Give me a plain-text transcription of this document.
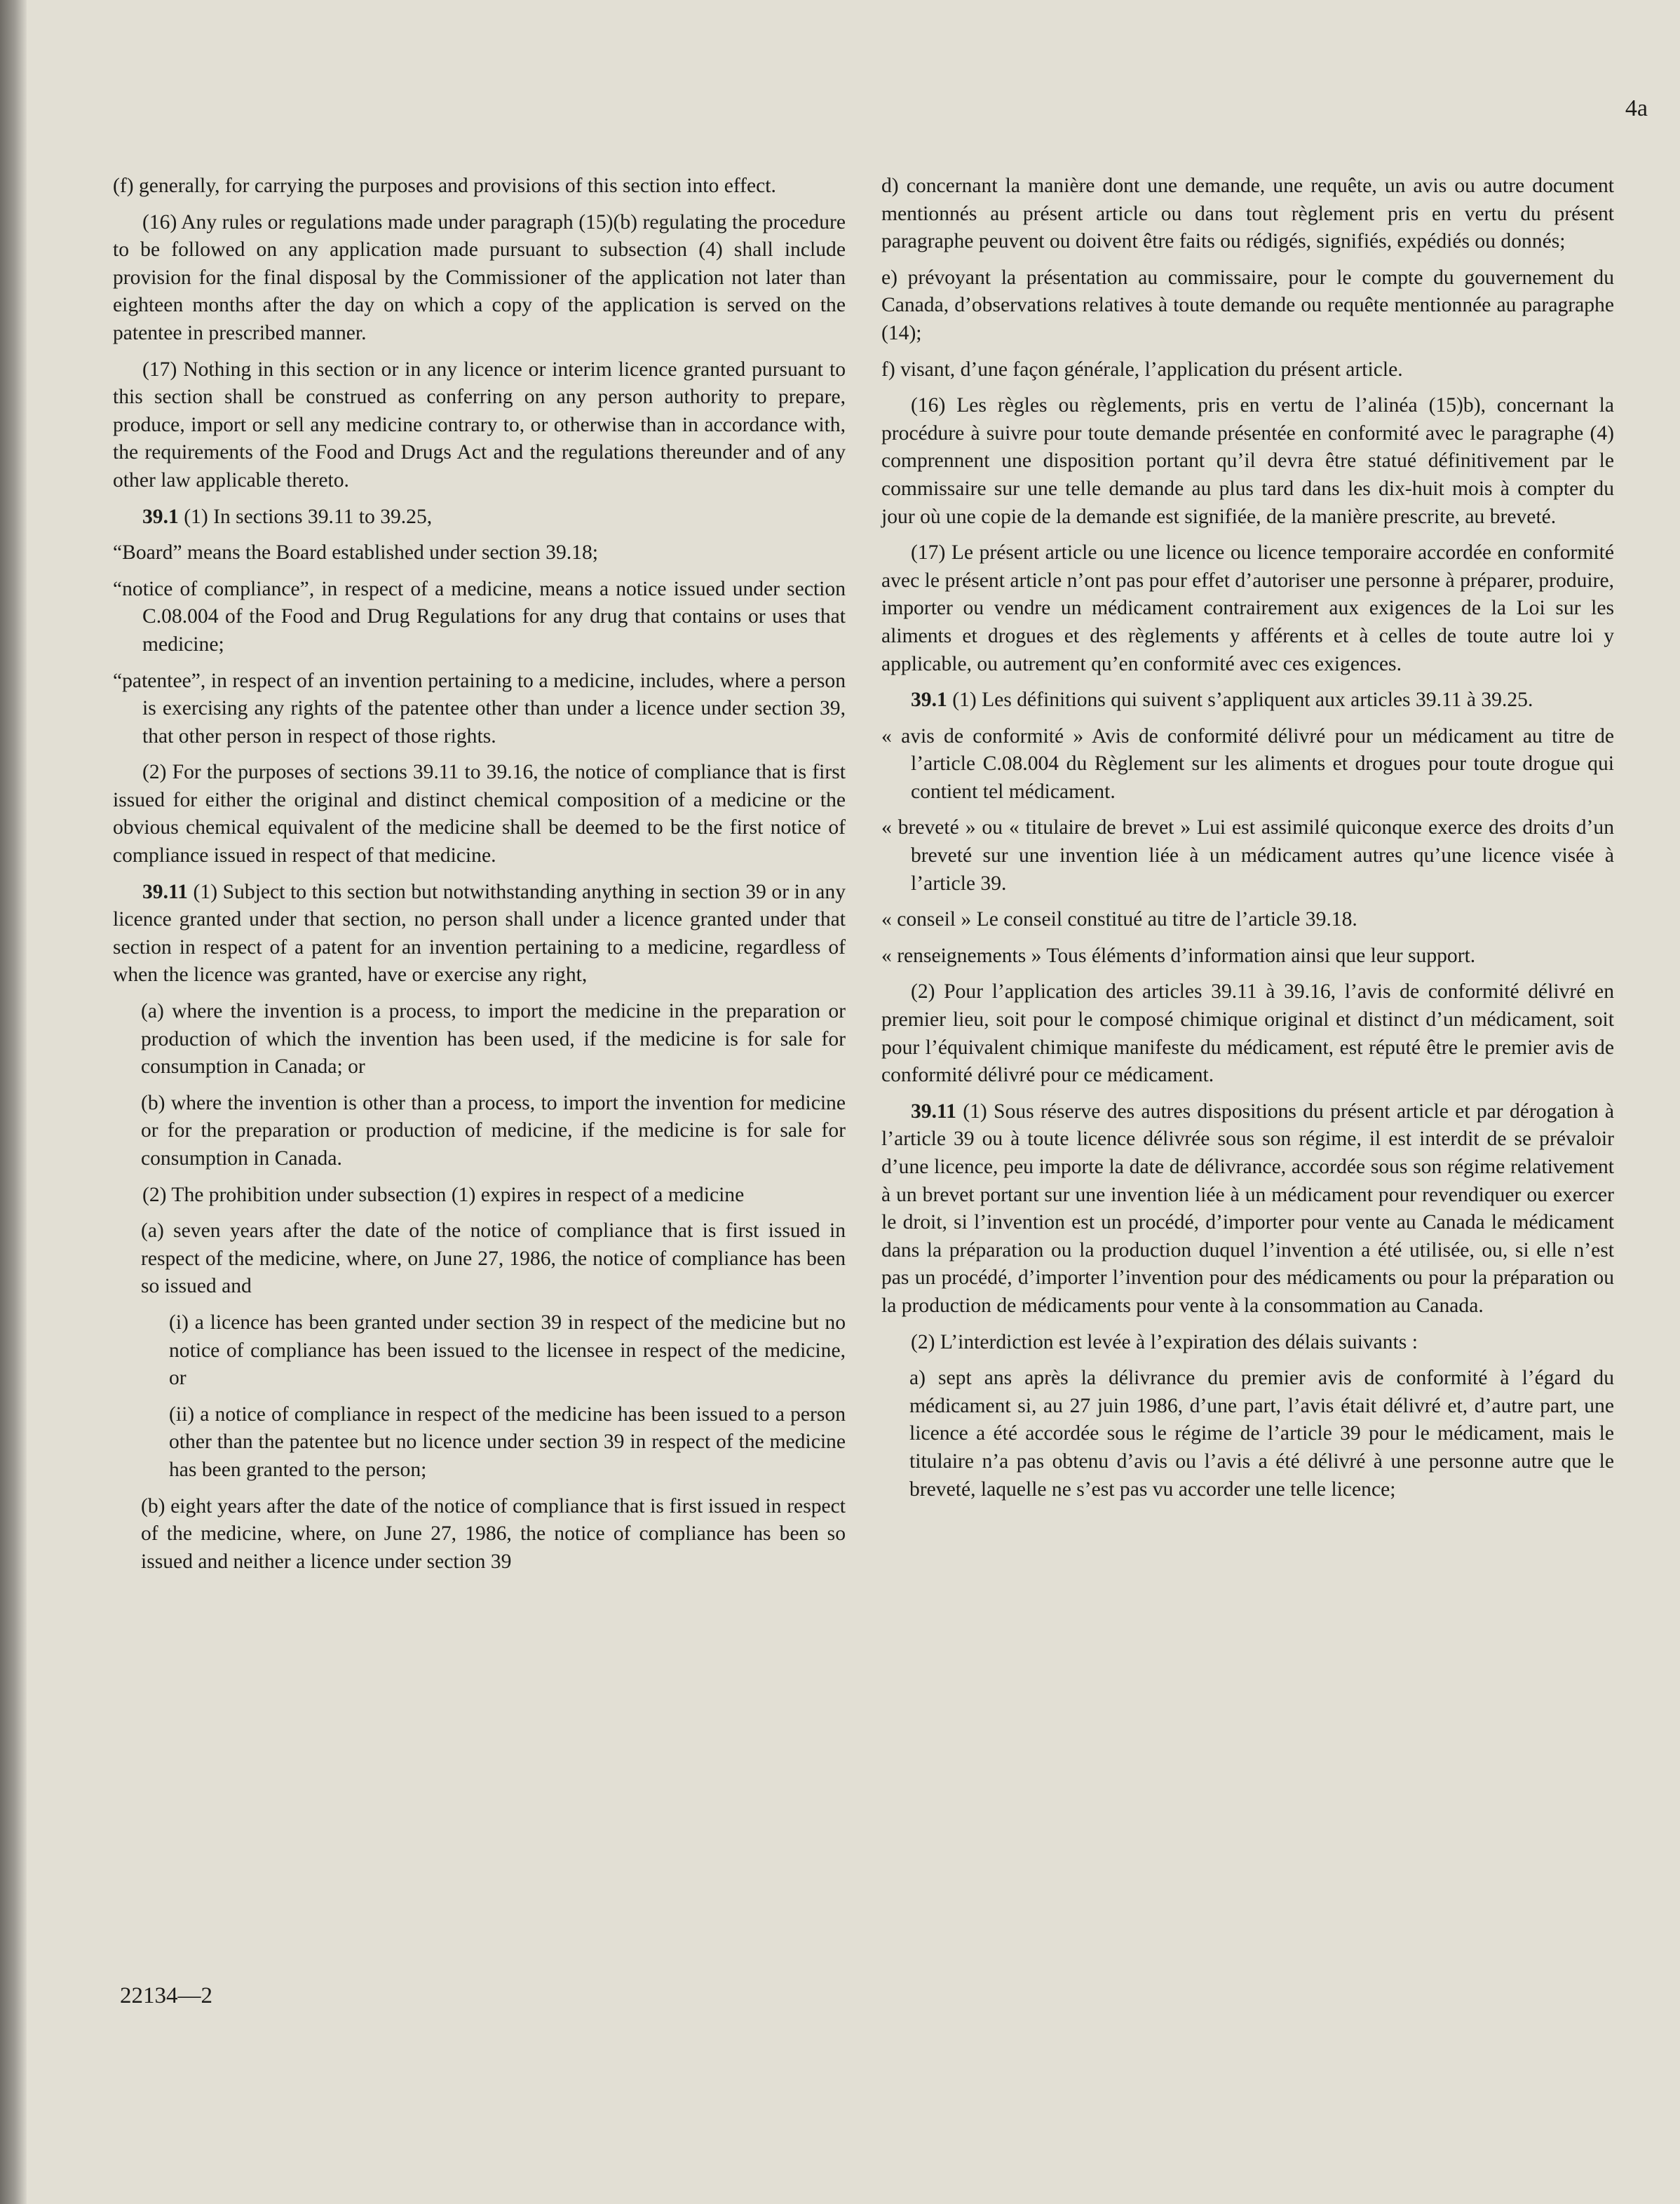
4a

(f) generally, for carrying the purposes and provisions of this section into effect.

(16) Any rules or regulations made under paragraph (15)(b) regulating the procedure to be followed on any application made pursuant to subsection (4) shall include provision for the final disposal by the Commissioner of the application not later than eighteen months after the day on which a copy of the application is served on the patentee in prescribed manner.

(17) Nothing in this section or in any licence or interim licence granted pursuant to this section shall be construed as conferring on any person authority to prepare, produce, import or sell any medicine contrary to, or otherwise than in accordance with, the requirements of the Food and Drugs Act and the regulations thereunder and of any other law applicable thereto.

39.1 (1) In sections 39.11 to 39.25,

“Board” means the Board established under section 39.18;

“notice of compliance”, in respect of a medicine, means a notice issued under section C.08.004 of the Food and Drug Regulations for any drug that contains or uses that medicine;

“patentee”, in respect of an invention pertaining to a medicine, includes, where a person is exercising any rights of the patentee other than under a licence under section 39, that other person in respect of those rights.

(2) For the purposes of sections 39.11 to 39.16, the notice of compliance that is first issued for either the original and distinct chemical composition of a medicine or the obvious chemical equivalent of the medicine shall be deemed to be the first notice of compliance issued in respect of that medicine.

39.11 (1) Subject to this section but notwithstanding anything in section 39 or in any licence granted under that section, no person shall under a licence granted under that section in respect of a patent for an invention pertaining to a medicine, regardless of when the licence was granted, have or exercise any right,

(a) where the invention is a process, to import the medicine in the preparation or production of which the invention has been used, if the medicine is for sale for consumption in Canada; or

(b) where the invention is other than a process, to import the invention for medicine or for the preparation or production of medicine, if the medicine is for sale for consumption in Canada.

(2) The prohibition under subsection (1) expires in respect of a medicine

(a) seven years after the date of the notice of compliance that is first issued in respect of the medicine, where, on June 27, 1986, the notice of compliance has been so issued and

(i) a licence has been granted under section 39 in respect of the medicine but no notice of compliance has been issued to the licensee in respect of the medicine, or

(ii) a notice of compliance in respect of the medicine has been issued to a person other than the patentee but no licence under section 39 in respect of the medicine has been granted to the person;

(b) eight years after the date of the notice of compliance that is first issued in respect of the medicine, where, on June 27, 1986, the notice of compliance has been so issued and neither a licence under section 39

d) concernant la manière dont une demande, une requête, un avis ou autre document mentionnés au présent article ou dans tout règlement pris en vertu du présent paragraphe peuvent ou doivent être faits ou rédigés, signifiés, expédiés ou donnés;

e) prévoyant la présentation au commissaire, pour le compte du gouvernement du Canada, d’observations relatives à toute demande ou requête mentionnée au paragraphe (14);

f) visant, d’une façon générale, l’application du présent article.

(16) Les règles ou règlements, pris en vertu de l’alinéa (15)b), concernant la procédure à suivre pour toute demande présentée en conformité avec le paragraphe (4) comprennent une disposition portant qu’il devra être statué définitivement par le commissaire sur une telle demande au plus tard dans les dix-huit mois à compter du jour où une copie de la demande est signifiée, de la manière prescrite, au breveté.

(17) Le présent article ou une licence ou licence temporaire accordée en conformité avec le présent article n’ont pas pour effet d’autoriser une personne à préparer, produire, importer ou vendre un médicament contrairement aux exigences de la Loi sur les aliments et drogues et des règlements y afférents et à celles de toute autre loi y applicable, ou autrement qu’en conformité avec ces exigences.

39.1 (1) Les définitions qui suivent s’appliquent aux articles 39.11 à 39.25.

« avis de conformité » Avis de conformité délivré pour un médicament au titre de l’article C.08.004 du Règlement sur les aliments et drogues pour toute drogue qui contient tel médicament.

« breveté » ou « titulaire de brevet » Lui est assimilé quiconque exerce des droits d’un breveté sur une invention liée à un médicament autres qu’une licence visée à l’article 39.

« conseil » Le conseil constitué au titre de l’article 39.18.

« renseignements » Tous éléments d’information ainsi que leur support.

(2) Pour l’application des articles 39.11 à 39.16, l’avis de conformité délivré en premier lieu, soit pour le composé chimique original et distinct d’un médicament, soit pour l’équivalent chimique manifeste du médicament, est réputé être le premier avis de conformité délivré pour ce médicament.

39.11 (1) Sous réserve des autres dispositions du présent article et par dérogation à l’article 39 ou à toute licence délivrée sous son régime, il est interdit de se prévaloir d’une licence, peu importe la date de délivrance, accordée sous son régime relativement à un brevet portant sur une invention liée à un médicament pour revendiquer ou exercer le droit, si l’invention est un procédé, d’importer pour vente au Canada le médicament dans la préparation ou la production duquel l’invention a été utilisée, ou, si elle n’est pas un procédé, d’importer l’invention pour des médicaments ou pour la préparation ou la production de médicaments pour vente à la consommation au Canada.

(2) L’interdiction est levée à l’expiration des délais suivants :

a) sept ans après la délivrance du premier avis de conformité à l’égard du médicament si, au 27 juin 1986, d’une part, l’avis était délivré et, d’autre part, une licence a été accordée sous le régime de l’article 39 pour le médicament, mais le titulaire n’a pas obtenu d’avis ou l’avis a été délivré à une personne autre que le breveté, laquelle ne s’est pas vu accorder une telle licence;

22134—2
